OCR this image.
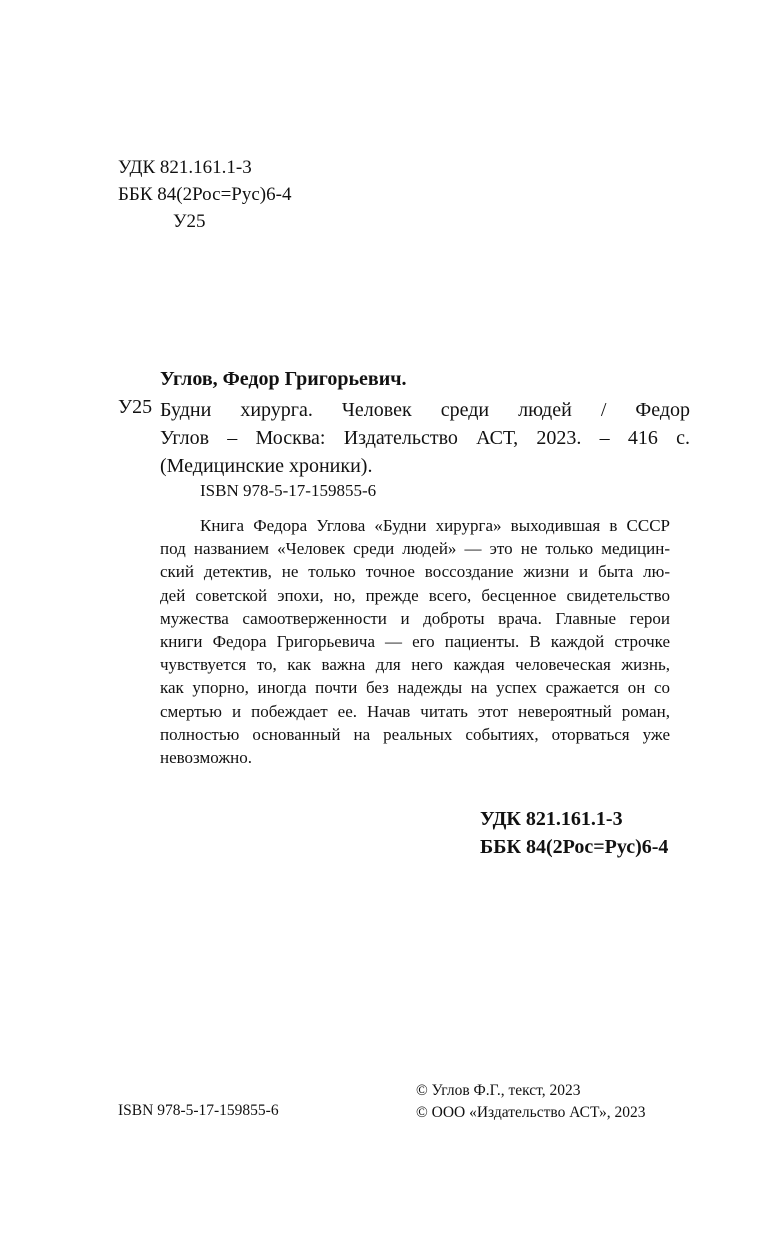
УДК 821.161.1-3
ББК 84(2Рос=Рус)6-4
У25
Углов, Федор Григорьевич.
У25 Будни хирурга. Человек среди людей / Федор
Углов – Москва: Издательство АСТ, 2023. – 416 с.
(Медицинские хроники).
ISBN 978-5-17-159855-6
Книга Федора Углова «Будни хирурга» выходившая в СССР
под названием «Человек среди людей» — это не только медицин-
ский детектив, не только точное воссоздание жизни и быта лю-
дей советской эпохи, но, прежде всего, бесценное свидетельство
мужества самоотверженности и доброты врача. Главные герои
книги Федора Григорьевича — его пациенты. В каждой строчке
чувствуется то, как важна для него каждая человеческая жизнь,
как упорно, иногда почти без надежды на успех сражается он со
смертью и побеждает ее. Начав читать этот невероятный роман,
полностью основанный на реальных событиях, оторваться уже
невозможно.
УДК 821.161.1-3
ББК 84(2Рос=Рус)6-4
© Углов Ф.Г., текст, 2023
© ООО «Издательство АСТ», 2023
ISBN 978-5-17-159855-6
